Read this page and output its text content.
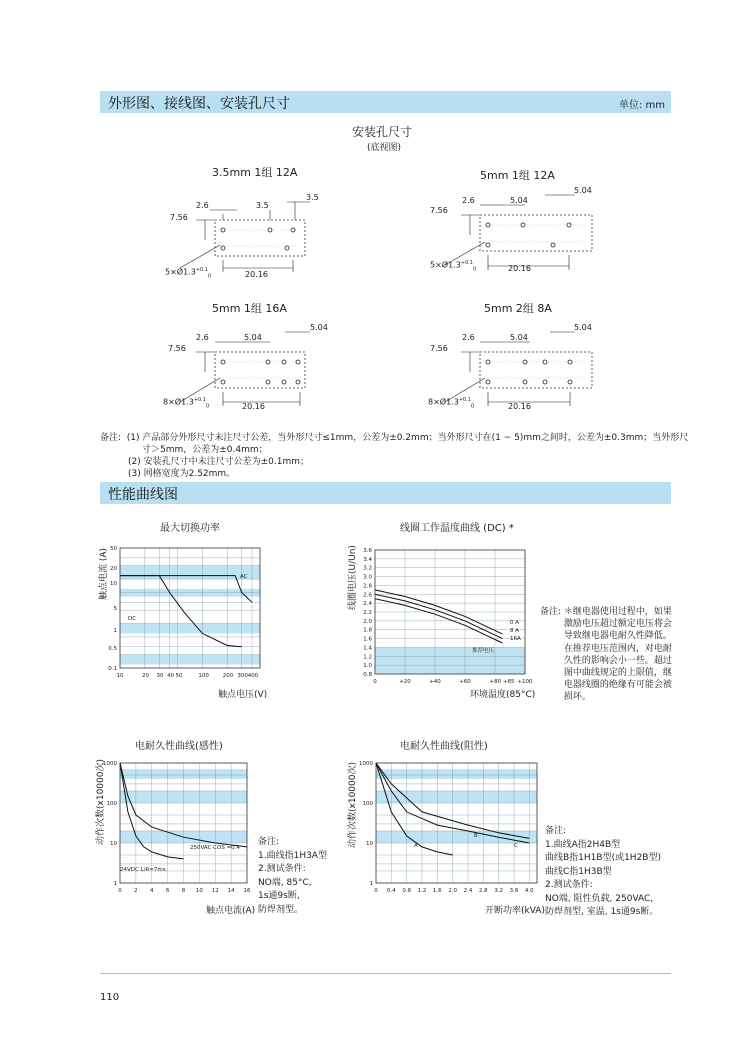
外形图、接线图、安装孔尺寸	单位: mm
安装孔尺寸
(底视图)
3.5mm 1组 12A	5mm 1组 12A
5mm 1组 16A	5mm 2组 8A
2.6	3.5
3.5
7.56
20.16
$5\times Ø1.3^{+0.1}_0$
2.6	5.04
5.04
7.56
20.16
$5\times Ø1.3^{+0.1}_0$
2.6	5.04
5.04
7.56
20.16
$8\times Ø1.3^{+0.1}_0$
2.6	5.04
5.04
7.56
20.16
$8\times Ø1.3^{+0.1}_0$
备注: (1) 产品部分外形尺寸未注尺寸公差，当外形尺寸≤1mm，公差为±0.2mm；当外形尺寸在(1 ~ 5)mm之间时，公差为±0.3mm；当外形尺
寸＞5mm，公差为±0.4mm；
(2) 安装孔尺寸中未注尺寸公差为±0.1mm；
(3) 网格宽度为2.52mm。
性能曲线图
最大切换功率	线圈工作温度曲线 (DC) *
电耐久性曲线(感性)	电耐久性曲线(阻性)
触点电压(V)	环境温度(85°C)
触点电流(A)	开断功率(kVA)
触点电流 (A)	线圈电压(U/Un)
动作次数(x10000次)	动作次数(x10000次)
10	20 30 40 50	100	200 300 400
50
20
10
5
1
0.5
0.1
AC
DC
0	+20	+40	+60	+80 +85 +100
3.6
3.4
3.2
3.0
2.8
2.6
2.4
2.2
2.0
1.8
1.6
1.4
1.2
1.0
0.8
0 A
8 A
16A
推荐电压
0 2 4 6 8 10 12 14 16
1000
100
10
1
250VAC COS =0.4
24VDC L/R=7ms
0 0.4 0.8 1.2 1.6 2.0 2.4 2.8 3.2 3.6 4.0
1000
100
10
1
A
B
C
备注: ＊继电器使用过程中，如果
激励电压超过额定电压将会
导致继电器电耐久性降低。
在推荐电压范围内，对电耐
久性的影响会小一些。超过
图中曲线规定的上限值，继
电器线圈的绝缘有可能会被
损坏。
备注:
1.曲线指1H3A型
2.测试条件:
NO端, 85°C,
1s通9s断,
防焊剂型。
备注:
1.曲线A指2H4B型
曲线B指1H1B型(或1H2B型)
曲线C指1H3B型
2.测试条件:
NO端, 阻性负载, 250VAC,
防焊剂型, 室温, 1s通9s断。
110
